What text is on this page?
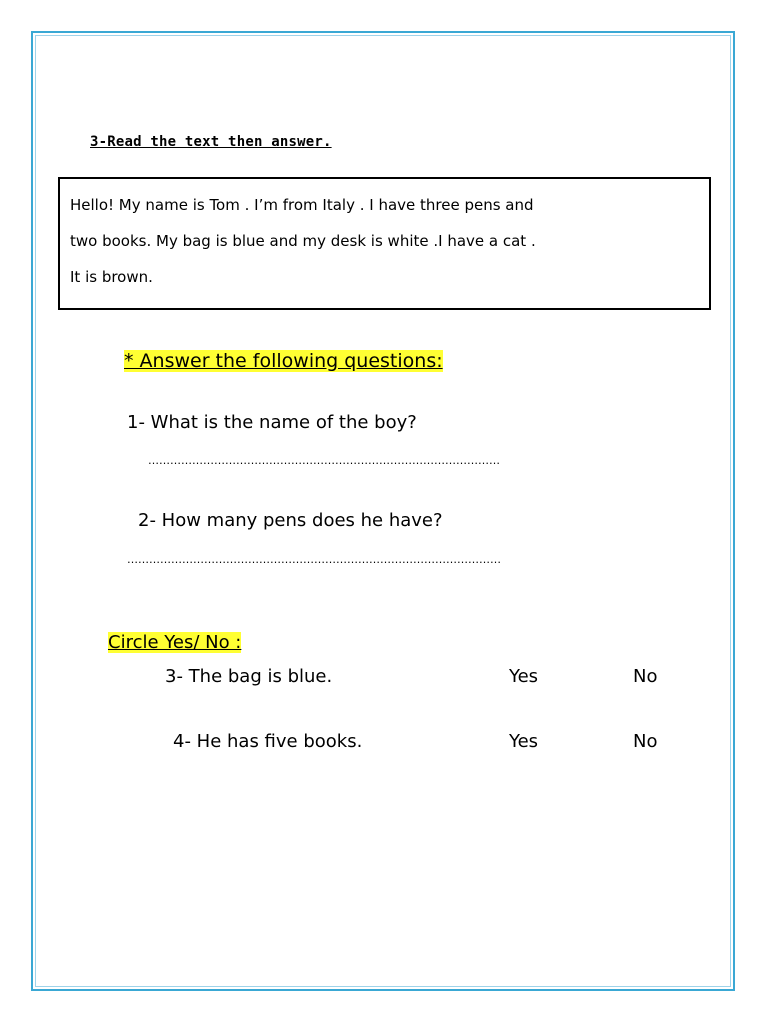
3-Read the text then answer.
Hello! My name is Tom . I’m from Italy . I have three pens and
two books. My bag is blue and my desk is white .I have a cat .
It is brown.
* Answer the following questions:
1- What is the name of the boy?
……………………………………………………………………………………
2- How many pens does he have?
…………………………………………………………………………………………
Circle Yes/ No :
3- The bag is blue.	Yes	No
4- He has five books.	Yes	No
